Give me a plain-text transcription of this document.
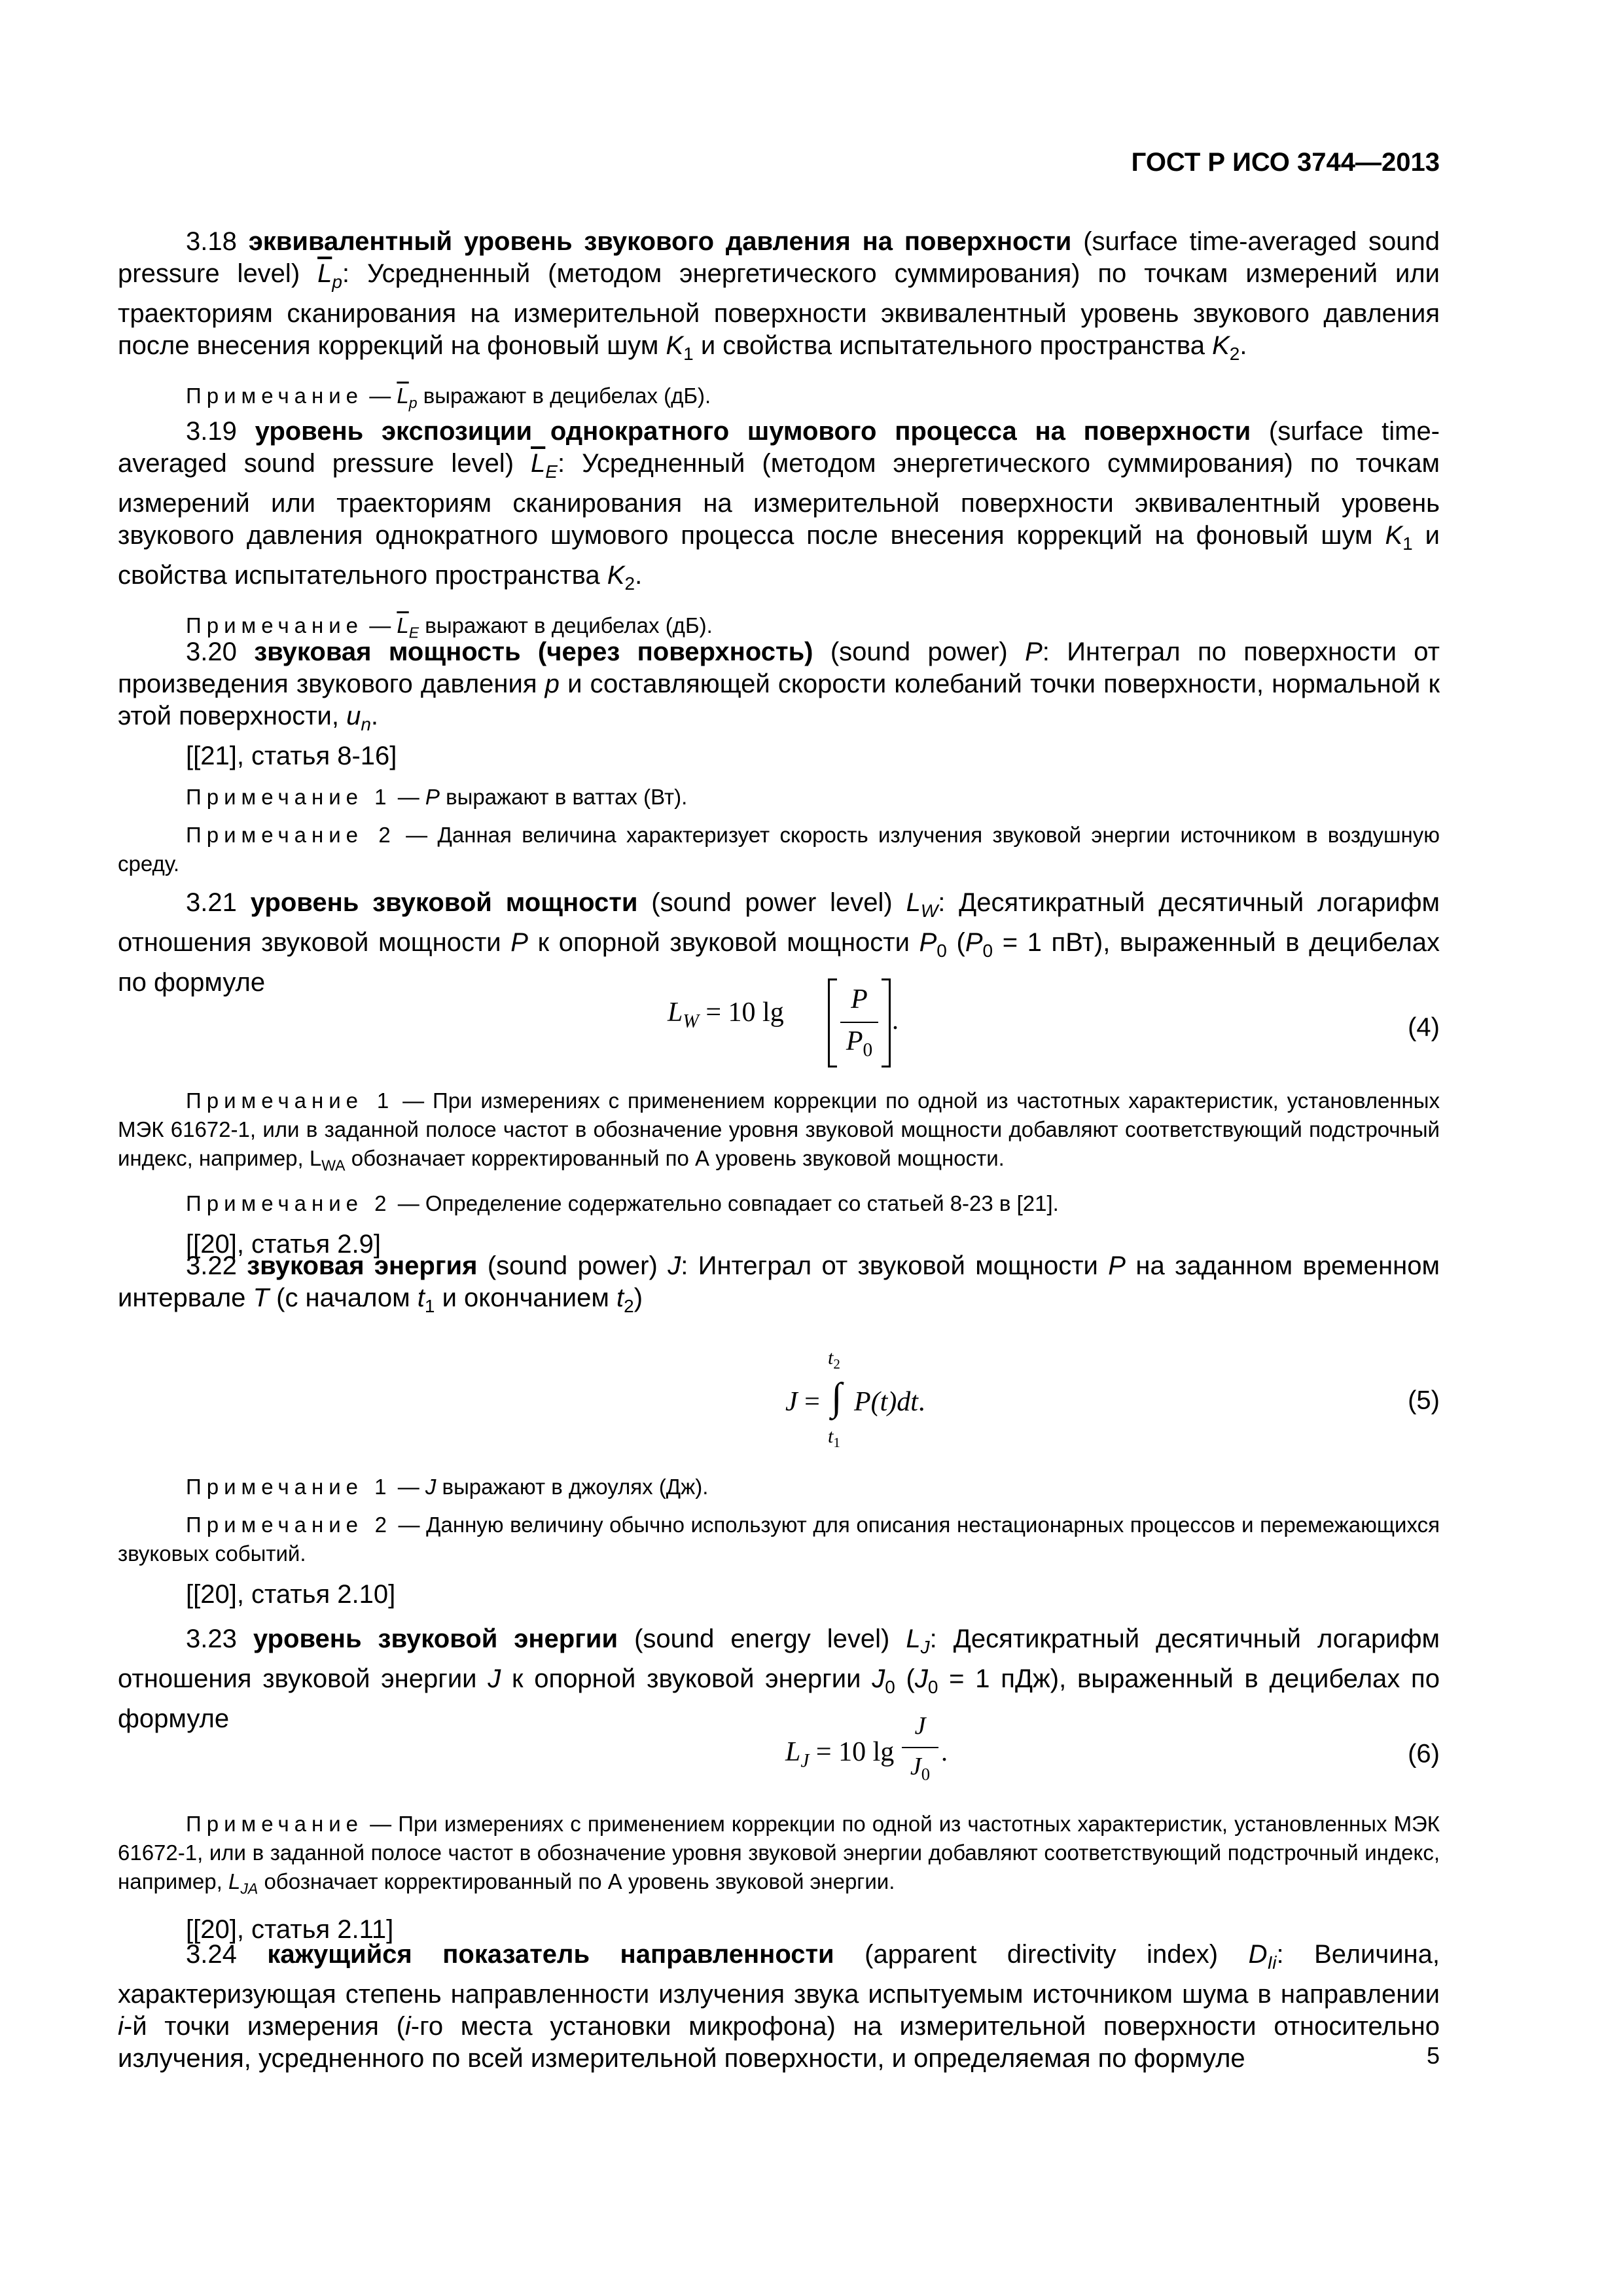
ГОСТ Р ИСО 3744—2013

3.18 эквивалентный уровень звукового давления на поверхности (surface time-averaged sound pressure level) $\overline{L}_p$: Усредненный (методом энергетического суммирования) по точкам измерений или траекториям сканирования на измерительной поверхности эквивалентный уровень звукового давления после внесения коррекций на фоновый шум $K_1$ и свойства испытательного пространства $K_2$.

Примечание — $\overline{L}_p$ выражают в децибелах (дБ).

3.19 уровень экспозиции однократного шумового процесса на поверхности (surface time-averaged sound pressure level) $\overline{L}_E$: Усредненный (методом энергетического суммирования) по точкам измерений или траекториям сканирования на измерительной поверхности эквивалентный уровень звукового давления однократного шумового процесса после внесения коррекций на фоновый шум $K_1$ и свойства испытательного пространства $K_2$.

Примечание — $\overline{L}_E$ выражают в децибелах (дБ).

3.20 звуковая мощность (через поверхность) (sound power) P: Интеграл по поверхности от произведения звукового давления p и составляющей скорости колебаний точки поверхности, нормальной к этой поверхности, $u_n$.

[[21], статья 8-16]

Примечание 1 — P выражают в ваттах (Вт).

Примечание 2 — Данная величина характеризует скорость излучения звуковой энергии источником в воздушную среду.

3.21 уровень звуковой мощности (sound power level) $L_W$: Десятикратный десятичный логарифм отношения звуковой мощности P к опорной звуковой мощности $P_0$ ($P_0 = 1$ пВт), выраженный в децибелах по формуле

$L_W = 10$ lg	P
$P_0$
.	(4)

Примечание 1 — При измерениях с применением коррекции по одной из частотных характеристик, установленных МЭК 61672-1, или в заданной полосе частот в обозначение уровня звуковой мощности добавляют соответствующий подстрочный индекс, например, $L_{WA}$ обозначает корректированный по А уровень звуковой мощности.

Примечание 2 — Определение содержательно совпадает со статьей 8-23 в [21].

[[20], статья 2.9]

3.22 звуковая энергия (sound power) J: Интеграл от звуковой мощности P на заданном временном интервале T (с началом $t_1$ и окончанием $t_2$)

J =
$t_2$
∫
$t_1$
P(t)dt.	(5)

Примечание 1 — J выражают в джоулях (Дж).

Примечание 2 — Данную величину обычно используют для описания нестационарных процессов и перемежающихся звуковых событий.

[[20], статья 2.10]

3.23 уровень звуковой энергии (sound energy level) $L_J$: Десятикратный десятичный логарифм отношения звуковой энергии J к опорной звуковой энергии $J_0$ ($J_0 = 1$ пДж), выраженный в децибелах по формуле

$L_J = 10$ lg
J
$J_0$
.	(6)

Примечание — При измерениях с применением коррекции по одной из частотных характеристик, установленных МЭК 61672-1, или в заданной полосе частот в обозначение уровня звуковой энергии добавляют соответствующий подстрочный индекс, например, $L_{JA}$ обозначает корректированный по А уровень звуковой энергии.

[[20], статья 2.11]

3.24 кажущийся показатель направленности (apparent directivity index) $D_{Ii}$: Величина, характеризующая степень направленности излучения звука испытуемым источником шума в направлении i-й точки измерения (i-го места установки микрофона) на измерительной поверхности относительно излучения, усредненного по всей измерительной поверхности, и определяемая по формуле	5
